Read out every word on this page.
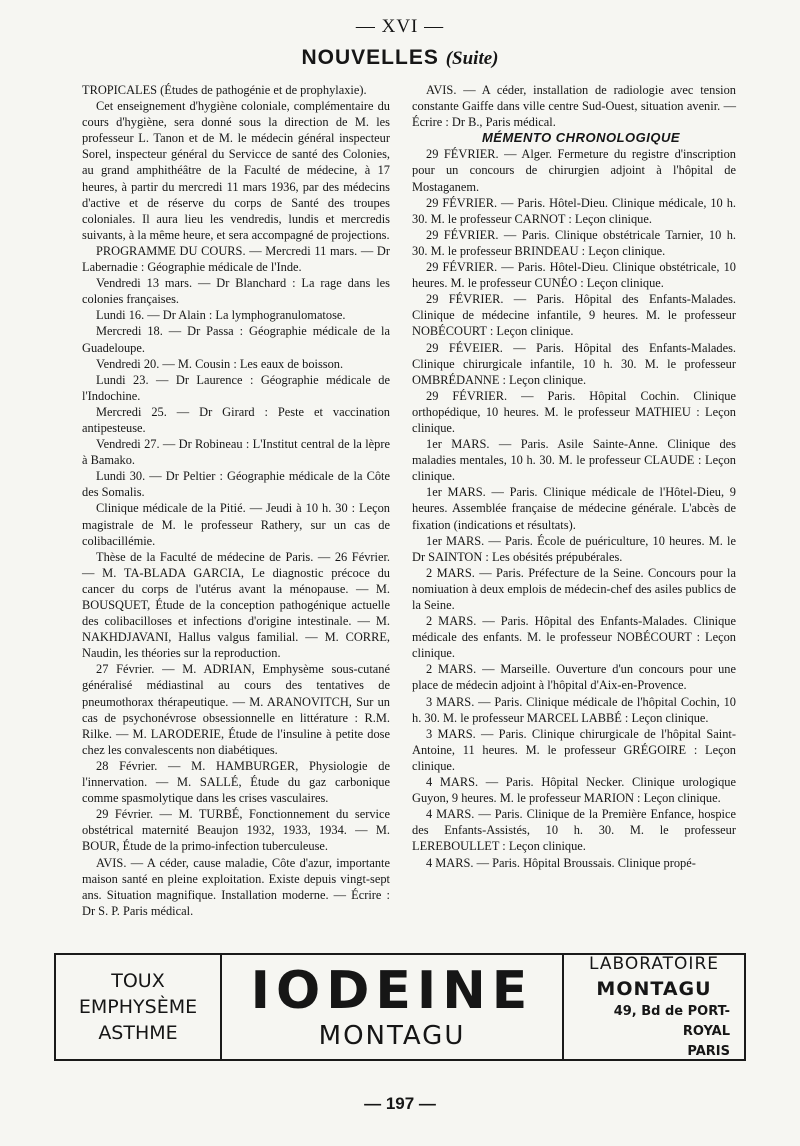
— XVI —
NOUVELLES (Suite)

TROPICALES (Études de pathogénie et de prophylaxie).

Cet enseignement d'hygiène coloniale, complémentaire du cours d'hygiène, sera donné sous la direction de M. les professeur L. Tanon et de M. le médecin général inspecteur Sorel, inspecteur général du Servicce de santé des Colonies, au grand amphithéâtre de la Faculté de médecine, à 17 heures, à partir du mercredi 11 mars 1936, par des médecins d'active et de réserve du corps de Santé des troupes coloniales. Il aura lieu les vendredis, lundis et mercredis suivants, à la même heure, et sera accompagné de projections.

PROGRAMME DU COURS. — Mercredi 11 mars. — Dr Labernadie : Géographie médicale de l'Inde.

Vendredi 13 mars. — Dr Blanchard : La rage dans les colonies françaises.

Lundi 16. — Dr Alain : La lymphogranulomatose.

Mercredi 18. — Dr Passa : Géographie médicale de la Guadeloupe.

Vendredi 20. — M. Cousin : Les eaux de boisson.

Lundi 23. — Dr Laurence : Géographie médicale de l'Indochine.

Mercredi 25. — Dr Girard : Peste et vaccination antipesteuse.

Vendredi 27. — Dr Robineau : L'Institut central de la lèpre à Bamako.

Lundi 30. — Dr Peltier : Géographie médicale de la Côte des Somalis.

Clinique médicale de la Pitié. — Jeudi à 10 h. 30 : Leçon magistrale de M. le professeur Rathery, sur un cas de colibacillémie.

Thèse de la Faculté de médecine de Paris. — 26 Février. — M. TA-BLADA GARCIA, Le diagnostic précoce du cancer du corps de l'utérus avant la ménopause. — M. BOUSQUET, Étude de la conception pathogénique actuelle des colibacilloses et infections d'origine intestinale. — M. NAKHDJAVANI, Hallus valgus familial. — M. CORRE, Naudin, les théories sur la reproduction.

27 Février. — M. ADRIAN, Emphysème sous-cutané généralisé médiastinal au cours des tentatives de pneumothorax thérapeutique. — M. ARANOVITCH, Sur un cas de psychonévrose obsessionnelle en littérature : R.M. Rilke. — M. LARODERIE, Étude de l'insuline à petite dose chez les convalescents non diabétiques.

28 Février. — M. HAMBURGER, Physiologie de l'innervation. — M. SALLÉ, Étude du gaz carbonique comme spasmolytique dans les crises vasculaires.

29 Février. — M. TURBÉ, Fonctionnement du service obstétrical maternité Beaujon 1932, 1933, 1934. — M. BOUR, Étude de la primo-infection tuberculeuse.

AVIS. — A céder, cause maladie, Côte d'azur, importante maison santé en pleine exploitation. Existe depuis vingt-sept ans. Situation magnifique. Installation moderne. — Écrire : Dr S. P. Paris médical.

AVIS. — A céder, installation de radiologie avec tension constante Gaiffe dans ville centre Sud-Ouest, situation avenir. — Écrire : Dr B., Paris médical.

MÉMENTO CHRONOLOGIQUE

29 FÉVRIER. — Alger. Fermeture du registre d'inscription pour un concours de chirurgien adjoint à l'hôpital de Mostaganem.

29 FÉVRIER. — Paris. Hôtel-Dieu. Clinique médicale, 10 h. 30. M. le professeur CARNOT : Leçon clinique.

29 FÉVRIER. — Paris. Clinique obstétricale Tarnier, 10 h. 30. M. le professeur BRINDEAU : Leçon clinique.

29 FÉVRIER. — Paris. Hôtel-Dieu. Clinique obstétricale, 10 heures. M. le professeur CUNÉO : Leçon clinique.

29 FÉVRIER. — Paris. Hôpital des Enfants-Malades. Clinique de médecine infantile, 9 heures. M. le professeur NOBÉCOURT : Leçon clinique.

29 FÉVEIER. — Paris. Hôpital des Enfants-Malades. Clinique chirurgicale infantile, 10 h. 30. M. le professeur OMBRÉDANNE : Leçon clinique.

29 FÉVRIER. — Paris. Hôpital Cochin. Clinique orthopédique, 10 heures. M. le professeur MATHIEU : Leçon clinique.

1er MARS. — Paris. Asile Sainte-Anne. Clinique des maladies mentales, 10 h. 30. M. le professeur CLAUDE : Leçon clinique.

1er MARS. — Paris. Clinique médicale de l'Hôtel-Dieu, 9 heures. Assemblée française de médecine générale. L'abcès de fixation (indications et résultats).

1er MARS. — Paris. École de puériculture, 10 heures. M. le Dr SAINTON : Les obésités prépubérales.

2 MARS. — Paris. Préfecture de la Seine. Concours pour la nomiuation à deux emplois de médecin-chef des asiles publics de la Seine.

2 MARS. — Paris. Hôpital des Enfants-Malades. Clinique médicale des enfants. M. le professeur NOBÉCOURT : Leçon clinique.

2 MARS. — Marseille. Ouverture d'un concours pour une place de médecin adjoint à l'hôpital d'Aix-en-Provence.

3 MARS. — Paris. Clinique médicale de l'hôpital Cochin, 10 h. 30. M. le professeur MARCEL LABBÉ : Leçon clinique.

3 MARS. — Paris. Clinique chirurgicale de l'hôpital Saint-Antoine, 11 heures. M. le professeur GRÉGOIRE : Leçon clinique.

4 MARS. — Paris. Hôpital Necker. Clinique urologique Guyon, 9 heures. M. le professeur MARION : Leçon clinique.

4 MARS. — Paris. Clinique de la Première Enfance, hospice des Enfants-Assistés, 10 h. 30. M. le professeur LEREBOULLET : Leçon clinique.

4 MARS. — Paris. Hôpital Broussais. Clinique propé-

TOUX
EMPHYSÈME
ASTHME
IODEINE
MONTAGU
LABORATOIRE
MONTAGU
49, Bd de PORT-ROYAL
PARIS
— 197 —
